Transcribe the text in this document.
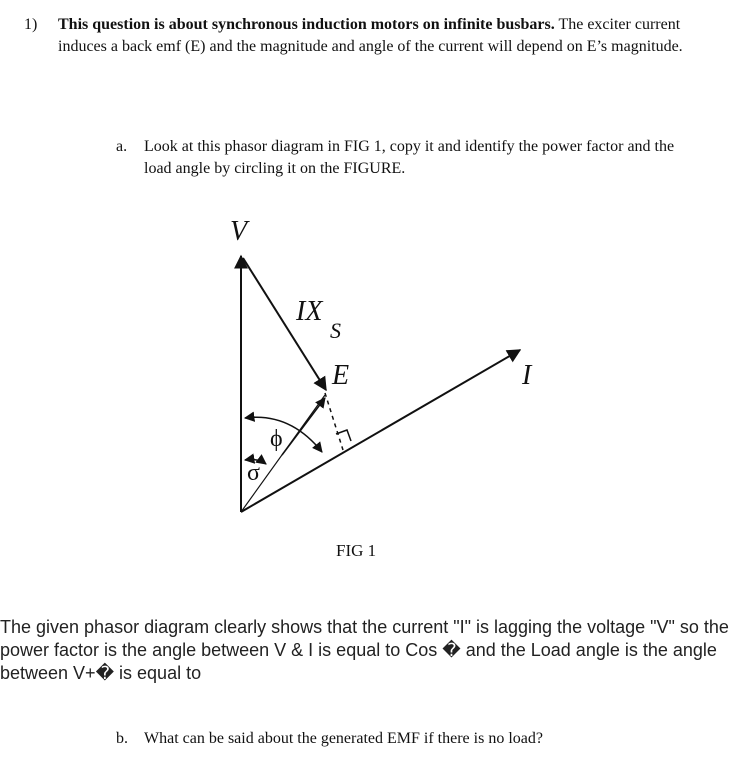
1) This question is about synchronous induction motors on infinite busbars. The exciter current induces a back emf (E) and the magnitude and angle of the current will depend on E’s magnitude.
a. Look at this phasor diagram in FIG 1, copy it and identify the power factor and the load angle by circling it on the FIGURE.
V
IX
S
E	I
ϕ
σ
FIG 1
The given phasor diagram clearly shows that the current "I" is lagging the voltage "V" so the power factor is the angle between V & I is equal to Cos � and the Load angle is the angle between V+� is equal to
b. What can be said about the generated EMF if there is no load?
